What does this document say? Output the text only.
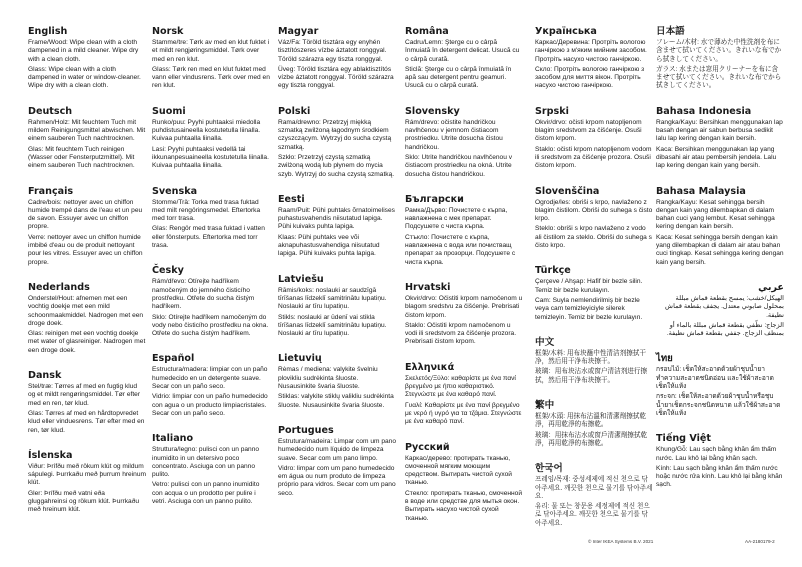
English

Frame/Wood: Wipe clean with a cloth dampened in a mild cleaner. Wipe dry with a clean cloth.

Glass: Wipe clean with a cloth dampened in water or window-cleaner. Wipe dry with a clean cloth.

Deutsch

Rahmen/Holz: Mit feuchtem Tuch mit mildem Reinigungsmittel abwischen. Mit einem sauberen Tuch nachtrocknen.

Glas: Mit feuchtem Tuch reinigen (Wasser oder Fensterputzmittel). Mit einem sauberen Tuch nachtrocknen.

Français

Cadre/bois: nettoyer avec un chiffon humide trempé dans de l'eau et un peu de savon. Essuyer avec un chiffon propre.

Verre: nettoyer avec un chiffon humide imbibé d'eau ou de produit nettoyant pour les vitres. Essuyer avec un chiffon propre.

Nederlands

Onderstel/Hout: afnemen met een vochtig doekje met een mild schoonmaakmiddel. Nadrogen met een droge doek.

Glas: reinigen met een vochtig doekje met water of glasreiniger. Nadrogen met een droge doek.

Dansk

Stel/træ: Tørres af med en fugtig klud og et mildt rengøringsmiddel. Tør efter med en ren, tør klud.

Glas: Tørres af med en hårdtopvredet klud eller vinduesrens. Tør efter med en ren, tør klud.

Íslenska

Viður: Þrífðu með rökum klút og mildum sápulegi. Þurrkaðu með þurrum hreinum klút.

Gler: Þrífðu með vatni eða gluggahreinsi og rökum klút. Þurrkaðu með hreinum klút.

Norsk

Stamme/tre: Tørk av med en klut fuktet i et mildt rengjøringsmiddel. Tørk over med en ren klut.

Glass: Tørk ren med en klut fuktet med vann eller vindusrens. Tørk over med en ren klut.

Suomi

Runko/puu: Pyyhi puhtaaksi miedolla puhdistusaineella kostutetulla liinalla. Kuivaa puhtaalla liinalla.

Lasi: Pyyhi puhtaaksi vedellä tai ikkunanpesuaineella kostutetulla liinalla. Kuivaa puhtaalla liinalla.

Svenska

Stomme/Trä: Torka med trasa fuktad med milt rengöringsmedel. Eftertorka med torr trasa.

Glas: Rengör med trasa fuktad i vatten eller fönsterputs. Eftertorka med torr trasa.

Česky

Rám/dřevo: Otírejte hadříkem namočeným do jemného čisticího prostředku. Otřete do sucha čistým hadříkem.

Sklo: Otírejte hadříkem namočeným do vody nebo čisticího prostředku na okna. Otřete do sucha čistým hadříkem.

Español

Estructura/madera: limpiar con un paño humedecido en un detergente suave. Secar con un paño seco.

Vidrio: limpiar con un paño humedecido con agua o un producto limpiacristales. Secar con un paño seco.

Italiano

Struttura/legno: pulisci con un panno inumidito in un detersivo poco concentrato. Asciuga con un panno pulito.

Vetro: pulisci con un panno inumidito con acqua o un prodotto per pulire i vetri. Asciuga con un panno pulito.

Magyar

Váz/Fa: Töröld tisztára egy enyhén tisztítószeres vízbe áztatott ronggyal. Töröld szárazra egy tiszta ronggyal.

Üveg: Töröld tisztára egy ablaktisztítós vízbe áztatott ronggyal. Töröld szárazra egy tiszta ronggyal.

Polski

Rama/drewno: Przetrzyj miękką szmatką zwilżoną łagodnym środkiem czyszczącym. Wytrzyj do sucha czystą szmatką.

Szkło: Przetrzyj czystą szmatką zwilżoną wodą lub płynem do mycia szyb. Wytrzyj do sucha czystą szmatką.

Eesti

Raam/Puit: Pühi puhtaks õrnatoimelises puhastusvahendis niisutatud lapiga. Pühi kuivaks puhta lapiga.

Klaas: Pühi puhtaks vee või aknapuhastusvahendiga niisutatud lapiga. Pühi kuivaks puhta lapiga.

Latviešu

Rāmis/koks: noslauki ar saudzīgā tīrīšanas līdzeklī samitrinātu lupatiņu. Noslauki ar tīru lupatiņu.

Stikls: noslauki ar ūdenī vai stikla tīrīšanas līdzeklī samitrinātu lupatiņu. Noslauki ar tīru lupatiņu.

Lietuvių

Rėmas / mediena: valykite švelniu plovikliu sudrėkinta šluoste. Nusausinkite švaria šluoste.

Stiklas: valykite stiklų valikliu sudrėkinta šluoste. Nusausinkite švaria šluoste.

Portugues

Estrutura/madeira: Limpar com um pano humedecido num líquido de limpeza suave. Secar com um pano limpo.

Vidro: limpar com um pano humedecido em água ou num produto de limpeza próprio para vidros. Secar com um pano seco.

Româna

Cadru/Lemn: Şterge cu o cârpă înmuiată în detergent delicat. Usucă cu o cârpă curată.

Sticlă: Şterge cu o cârpă înmuiată în apă sau detergent pentru geamuri. Usucă cu o cârpă curată.

Slovensky

Rám/drevo: očistite handričkou navlhčenou v jemnom čistiacom prostriedku. Utrite dosucha čistou handričkou.

Sklo: Utrite handričkou navlhčenou v čistiacom prostriedku na okná. Utrite dosucha čistou handričkou.

Български

Рамка/Дърво: Почистете с кърпа, навлажнена с мек препарат. Подсушете с чиста кърпа.

Стъкло: Почистете с кърпа, навлажнена с вода или почистващ препарат за прозорци. Подсушете с чиста кърпа.

Hrvatski

Okvir/drvo: Očistiti krpom namočenom u blagom sredstvu za čišćenje. Prebrisati čistom krpom.

Staklo: Očistiti krpom namočenom u vodi ili sredstvom za čišćenje prozora. Prebrisati čistom krpom.

Ελληνικά

Σκελετός/Ξύλο: καθαρίστε με ένα πανί βρεγμένο με ήπιο καθαριστικό. Στεγνώστε με ένα καθαρό πανί.

Γυαλί: Καθαρίστε με ένα πανί βρεγμένο με νερό ή υγρό για τα τζάμια. Στεγνώστε με ένα καθαρό πανί.

Русский

Каркас/дерево: протирать тканью, смоченной мягким моющим средством. Вытирать чистой сухой тканью.

Стекло: протирать тканью, смоченной в воде или средстве для мытья окон. Вытирать насухо чистой сухой тканью.

Українська

Каркас/Деревина: Протріть вологою ганчіркою з м'яким мийним засобом. Протріть насухо чистою ганчіркою.

Скло: Протріть вологою ганчіркою з засобом для миття вікон. Протріть насухо чистою ганчіркою.

Srpski

Okvir/drvo: očisti krpom natopljenom blagim sredstvom za čišćenje. Osuši čistom krpom.

Staklo: očisti krpom natopljenom vodom ili sredstvom za čišćenje prozora. Osuši čistom krpom.

Slovenščina

Ogrodje/les: obriši s krpo, navlaženo z blagim čistilom. Obriši do suhega s čisto krpo.

Steklo: obriši s krpo navlaženo z vodo ali čistilom za steklo. Obriši do suhega s čisto krpo.

Türkçe

Çerçeve / Ahşap: Hafif bir bezle silin. Temiz bir bezle kurulayın.

Cam: Suyla nemlendirilmiş bir bezle veya cam temizleyiciyle silerek temizleyin. Temiz bir bezle kurulayın.

中文

框架/木料: 用布块蘸中性清洁剂擦拭干净，然后用干净布块擦干。

玻璃：用布块沾水或窗户清洁剂进行擦拭，然后用干净布块擦干。

繁中

框架/木頭: 用抹布沾溫和清潔劑擦拭乾淨，再用乾淨的布擦乾。

玻璃：用抹布沾水或窗戶清潔劑擦拭乾淨，再用乾淨的布擦乾。

한국어

프레임/목재: 중성세제에 적신 천으로 닦아주세요. 깨끗한 천으로 물기를 닦아주세요.

유리: 물 또는 창문용 세정제에 적신 천으로 닦아주세요. 깨끗한 천으로 물기를 닦아주세요.

日本語

フレーム/木材: 水で薄めた中性洗剤を布に含ませて拭いてください。きれいな布でから拭きしてください。

ガラス: 水または窓用クリーナーを布に含ませて拭いてください。きれいな布でから拭きしてください。

Bahasa Indonesia

Rangka/Kayu: Bersihkan menggunakan lap basah dengan air sabun berbusa sedikit lalu lap kering dengan kain bersih.

Kaca: Bersihkan menggunakan lap yang dibasahi air atau pembersih jendela. Lalu lap kering dengan kain yang bersih.

Bahasa Malaysia

Rangka/Kayu: Kesat sehingga bersih dengan kain yang dilembapkan di dalam bahan cuci yang lembut. Kesat sehingga kering dengan kain bersih.

Kaca: Kesat sehingga bersih dengan kain yang dilembapkan di dalam air atau bahan cuci tingkap. Kesat sehingga kering dengan kain yang bersih.

عربي

الهيكل/خشب: يمسح بقطعة قماش مبللة بمحلول صابوني معتدل. يجفف بقطعة قماش نظيفة.

الزجاج: نظّفي بقطعة قماش مبللة بالماء أو بمنظف الزجاج. جففي بقطعة قماش نظيفة.

ไทย

กรอบไม้: เช็ดให้สะอาดด้วยผ้าชุบน้ำยาทำความสะอาดชนิดอ่อน และใช้ผ้าสะอาดเช็ดให้แห้ง

กระจก: เช็ดให้สะอาดด้วยผ้าชุบน้ำหรือชุบน้ำยาเช็ดกระจกชนิดหนาด แล้วใช้ผ้าสะอาดเช็ดให้แห้ง

Tiếng Việt

Khung/Gỗ: Lau sạch bằng khăn ẩm thấm nước. Lau khô lại bằng khăn sạch.

Kính: Lau sạch bằng khăn ẩm thấm nước hoặc nước rửa kính. Lau khô lại bằng khăn sạch.

© Inter IKEA Systems B.V. 2021	AA-2180179-2
